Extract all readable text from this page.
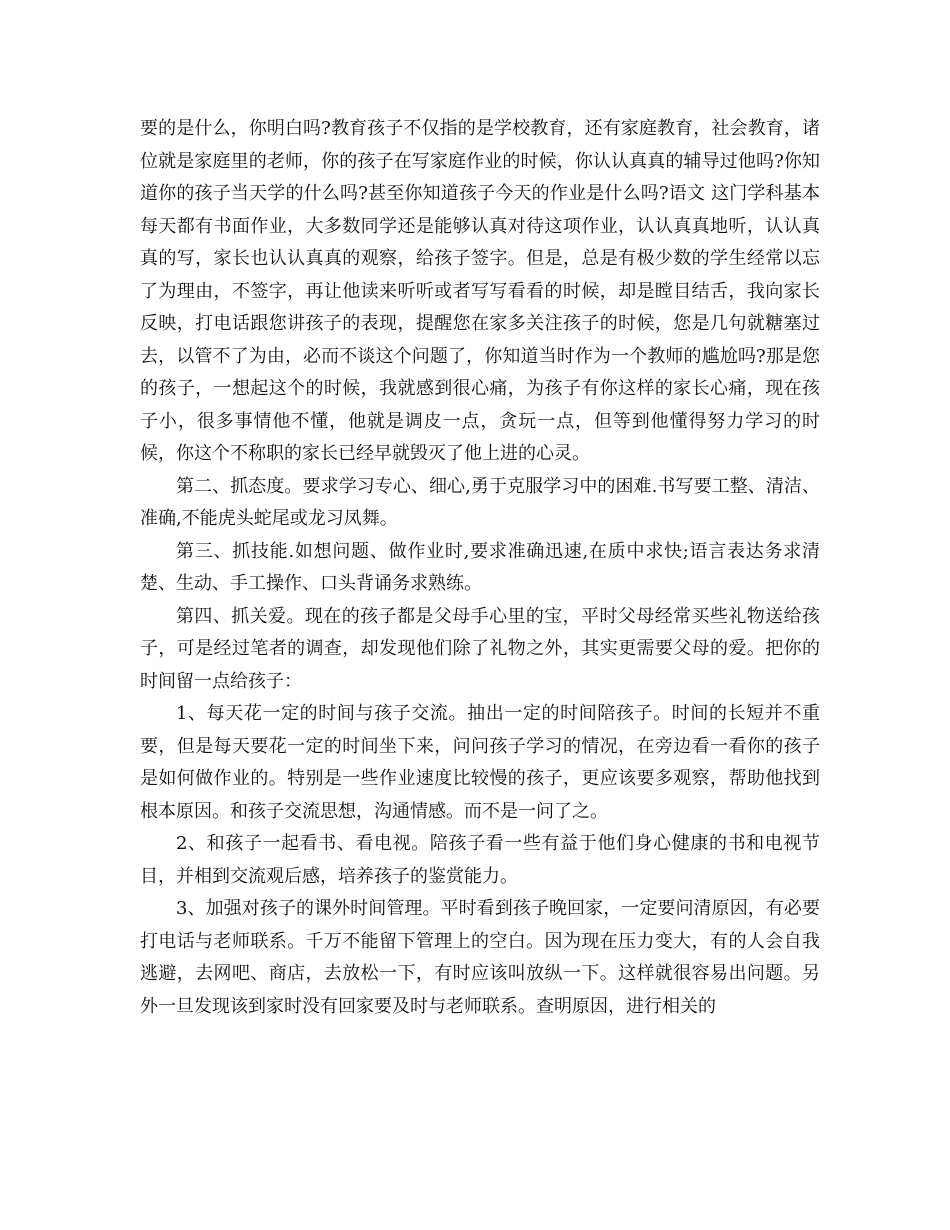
要的是什么，你明白吗?教育孩子不仅指的是学校教育，还有家庭教育，社会教育，诸位就是家庭里的老师，你的孩子在写家庭作业的时候，你认认真真的辅导过他吗?你知道你的孩子当天学的什么吗?甚至你知道孩子今天的作业是什么吗?语文 这门学科基本每天都有书面作业，大多数同学还是能够认真对待这项作业，认认真真地听，认认真真的写，家长也认认真真的观察，给孩子签字。但是，总是有极少数的学生经常以忘了为理由，不签字，再让他读来听听或者写写看看的时候，却是瞠目结舌，我向家长反映，打电话跟您讲孩子的表现，提醒您在家多关注孩子的时候，您是几句就糖塞过去，以管不了为由，必而不谈这个问题了，你知道当时作为一个教师的尴尬吗?那是您的孩子，一想起这个的时候，我就感到很心痛，为孩子有你这样的家长心痛，现在孩子小，很多事情他不懂，他就是调皮一点，贪玩一点，但等到他懂得努力学习的时候，你这个不称职的家长已经早就毁灭了他上进的心灵。

第二、抓态度。要求学习专心、细心,勇于克服学习中的困难.书写要工整、清洁、准确,不能虎头蛇尾或龙习凤舞。

第三、抓技能.如想问题、做作业时,要求准确迅速,在质中求快;语言表达务求清楚、生动、手工操作、口头背诵务求熟练。

第四、抓关爱。现在的孩子都是父母手心里的宝，平时父母经常买些礼物送给孩子，可是经过笔者的调查，却发现他们除了礼物之外，其实更需要父母的爱。把你的时间留一点给孩子：

1、每天花一定的时间与孩子交流。抽出一定的时间陪孩子。时间的长短并不重要，但是每天要花一定的时间坐下来，问问孩子学习的情况，在旁边看一看你的孩子是如何做作业的。特别是一些作业速度比较慢的孩子，更应该要多观察，帮助他找到根本原因。和孩子交流思想，沟通情感。而不是一问了之。

2、和孩子一起看书、看电视。陪孩子看一些有益于他们身心健康的书和电视节目，并相到交流观后感，培养孩子的鉴赏能力。

3、加强对孩子的课外时间管理。平时看到孩子晚回家，一定要问清原因，有必要打电话与老师联系。千万不能留下管理上的空白。因为现在压力变大，有的人会自我逃避，去网吧、商店，去放松一下，有时应该叫放纵一下。这样就很容易出问题。另外一旦发现该到家时没有回家要及时与老师联系。查明原因，进行相关的
